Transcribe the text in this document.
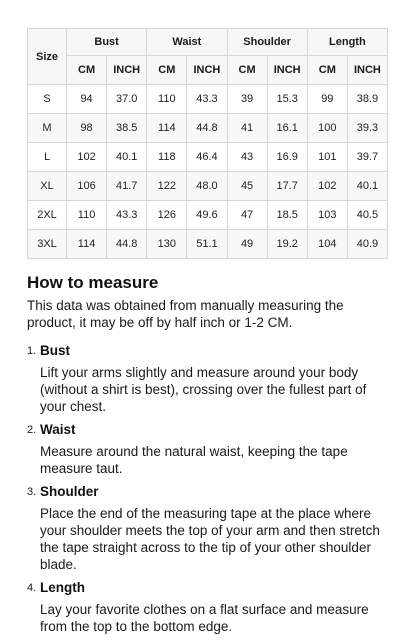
Size	Bust		Waist		Shoulder		Length	
	CM	INCH	CM	INCH	CM	INCH	CM	INCH
S	94	37.0	110	43.3	39	15.3	99	38.9
M	98	38.5	114	44.8	41	16.1	100	39.3
L	102	40.1	118	46.4	43	16.9	101	39.7
XL	106	41.7	122	48.0	45	17.7	102	40.1
2XL	110	43.3	126	49.6	47	18.5	103	40.5
3XL	114	44.8	130	51.1	49	19.2	104	40.9
How to measure

This data was obtained from manually measuring the product, it may be off by half inch or 1-2 CM.

1. Bust
Lift your arms slightly and measure around your body (without a shirt is best), crossing over the fullest part of your chest.
2. Waist
Measure around the natural waist, keeping the tape measure taut.
3. Shoulder
Place the end of the measuring tape at the place where your shoulder meets the top of your arm and then stretch the tape straight across to the tip of your other shoulder blade.
4. Length
Lay your favorite clothes on a flat surface and measure from the top to the bottom edge.
